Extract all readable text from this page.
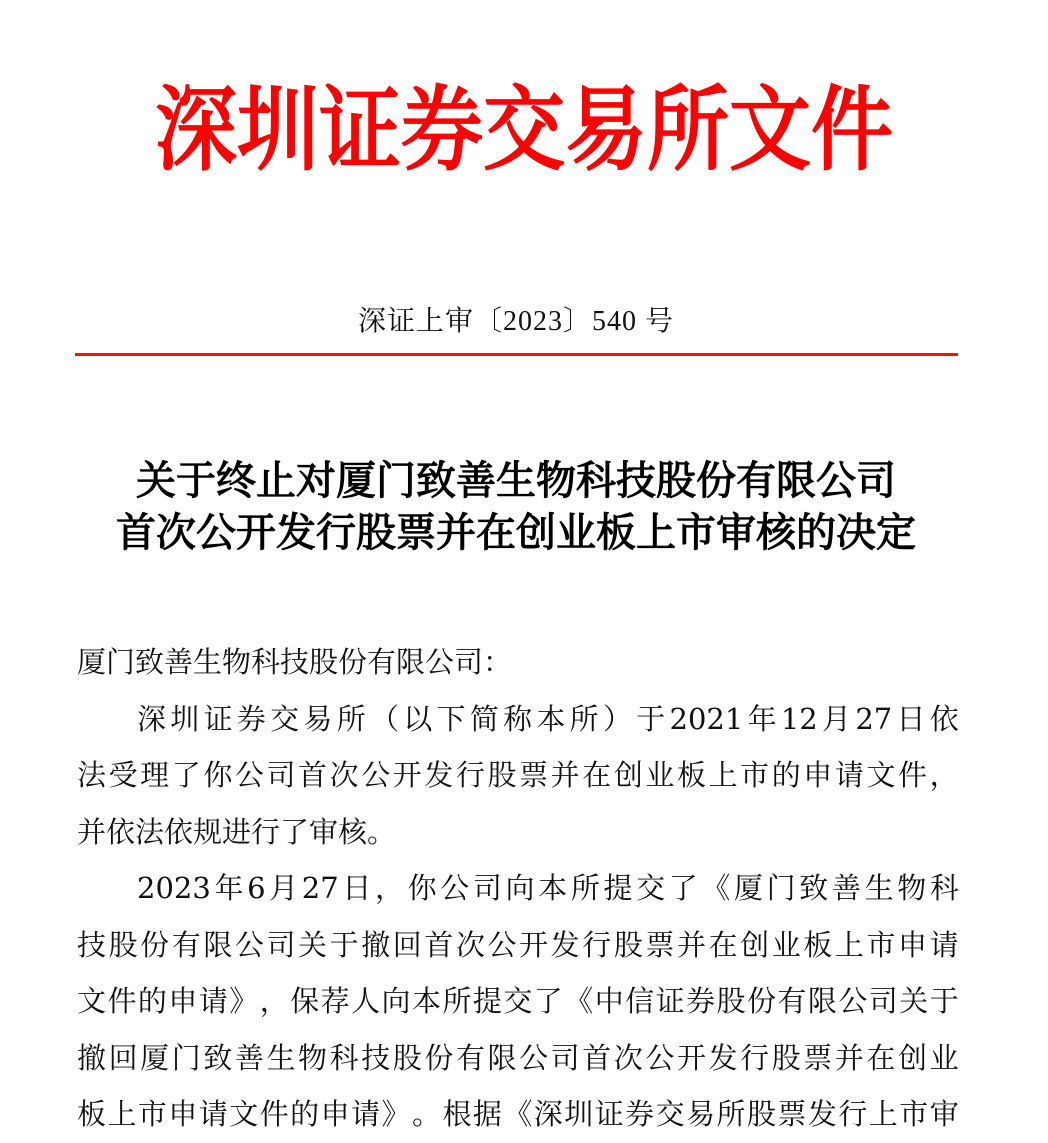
深圳证券交易所文件
深证上审〔2023〕540 号
关于终止对厦门致善生物科技股份有限公司
首次公开发行股票并在创业板上市审核的决定
厦门致善生物科技股份有限公司：
深 圳 证 券 交 易 所 （ 以 下 简 称 本 所 ） 于 2021 年 12 月 27 日 依
法 受 理 了 你 公 司 首 次 公 开 发 行 股 票 并 在 创 业 板 上 市 的 申 请 文 件 ，
并依法依规进行了审核。
2023 年 6 月 27 日 ， 你 公 司 向 本 所 提 交 了 《 厦 门 致 善 生 物 科
技 股 份 有 限 公 司 关 于 撤 回 首 次 公 开 发 行 股 票 并 在 创 业 板 上 市 申 请
文 件 的 申 请 》 ， 保 荐 人 向 本 所 提 交 了 《 中 信 证 券 股 份 有 限 公 司 关 于
撤 回 厦 门 致 善 生 物 科 技 股 份 有 限 公 司 首 次 公 开 发 行 股 票 并 在 创 业
板 上 市 申 请 文 件 的 申 请 》 。 根 据 《 深 圳 证 券 交 易 所 股 票 发 行 上 市 审
